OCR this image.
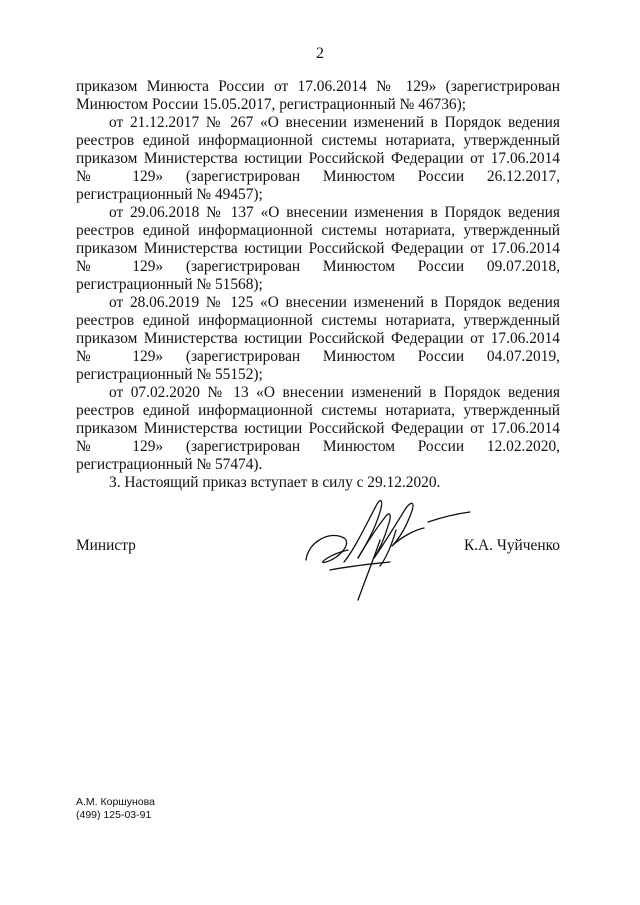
2

приказом Минюста России от 17.06.2014 № 129» (зарегистрирован Минюстом России 15.05.2017, регистрационный № 46736);

от 21.12.2017 № 267 «О внесении изменений в Порядок ведения реестров единой информационной системы нотариата, утвержденный приказом Министерства юстиции Российской Федерации от 17.06.2014 № 129» (зарегистрирован Минюстом России 26.12.2017, регистрационный № 49457);

от 29.06.2018 № 137 «О внесении изменения в Порядок ведения реестров единой информационной системы нотариата, утвержденный приказом Министерства юстиции Российской Федерации от 17.06.2014 № 129» (зарегистрирован Минюстом России 09.07.2018, регистрационный № 51568);

от 28.06.2019 № 125 «О внесении изменений в Порядок ведения реестров единой информационной системы нотариата, утвержденный приказом Министерства юстиции Российской Федерации от 17.06.2014 № 129» (зарегистрирован Минюстом России 04.07.2019, регистрационный № 55152);

от 07.02.2020 № 13 «О внесении изменений в Порядок ведения реестров единой информационной системы нотариата, утвержденный приказом Министерства юстиции Российской Федерации от 17.06.2014 № 129» (зарегистрирован Минюстом России 12.02.2020, регистрационный № 57474).

3. Настоящий приказ вступает в силу с 29.12.2020.

Министр	К.А. Чуйченко
А.М. Коршунова
(499) 125-03-91
